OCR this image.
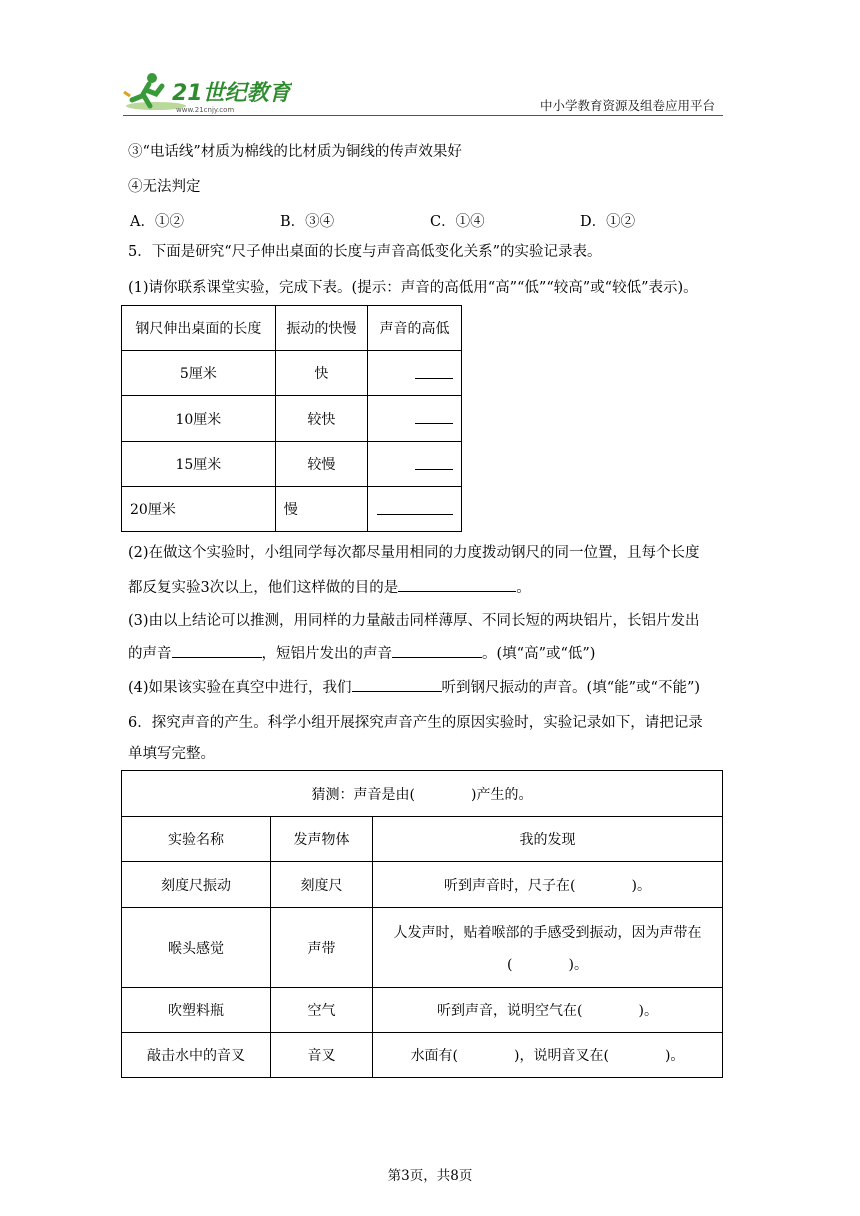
21世纪教育
www.21cnjy.com	中小学教育资源及组卷应用平台
③“电话线”材质为棉线的比材质为铜线的传声效果好
④无法判定
A．①②	B．③④	C．①④	D．①②
5．下面是研究“尺子伸出桌面的长度与声音高低变化关系”的实验记录表。
(1)请你联系课堂实验，完成下表。(提示：声音的高低用“高”“低”“较高”或“较低”表示)。
钢尺伸出桌面的长度	振动的快慢	声音的高低
5厘米	快	
10厘米	较快	
15厘米	较慢	
20厘米	慢	
(2)在做这个实验时，小组同学每次都尽量用相同的力度拨动钢尺的同一位置，且每个长度
都反复实验3次以上，他们这样做的目的是	。
(3)由以上结论可以推测，用同样的力量敲击同样薄厚、不同长短的两块铝片，长铝片发出
的声音	，短铝片发出的声音	。(填“高”或“低”)
(4)如果该实验在真空中进行，我们	听到钢尺振动的声音。(填“能”或“不能”)
6．探究声音的产生。科学小组开展探究声音产生的原因实验时，实验记录如下，请把记录
单填写完整。
猜测：声音是由(　　　　)产生的。		
实验名称	发声物体	我的发现
刻度尺振动	刻度尺	听到声音时，尺子在(　　　　)。
喉头感觉	声带	人发声时，贴着喉部的手感受到振动，因为声带在
(　　　　)。

吹塑料瓶	空气	听到声音，说明空气在(　　　　)。
敲击水中的音叉	音叉	水面有(　　　　)，说明音叉在(　　　　)。
第3页，共8页
